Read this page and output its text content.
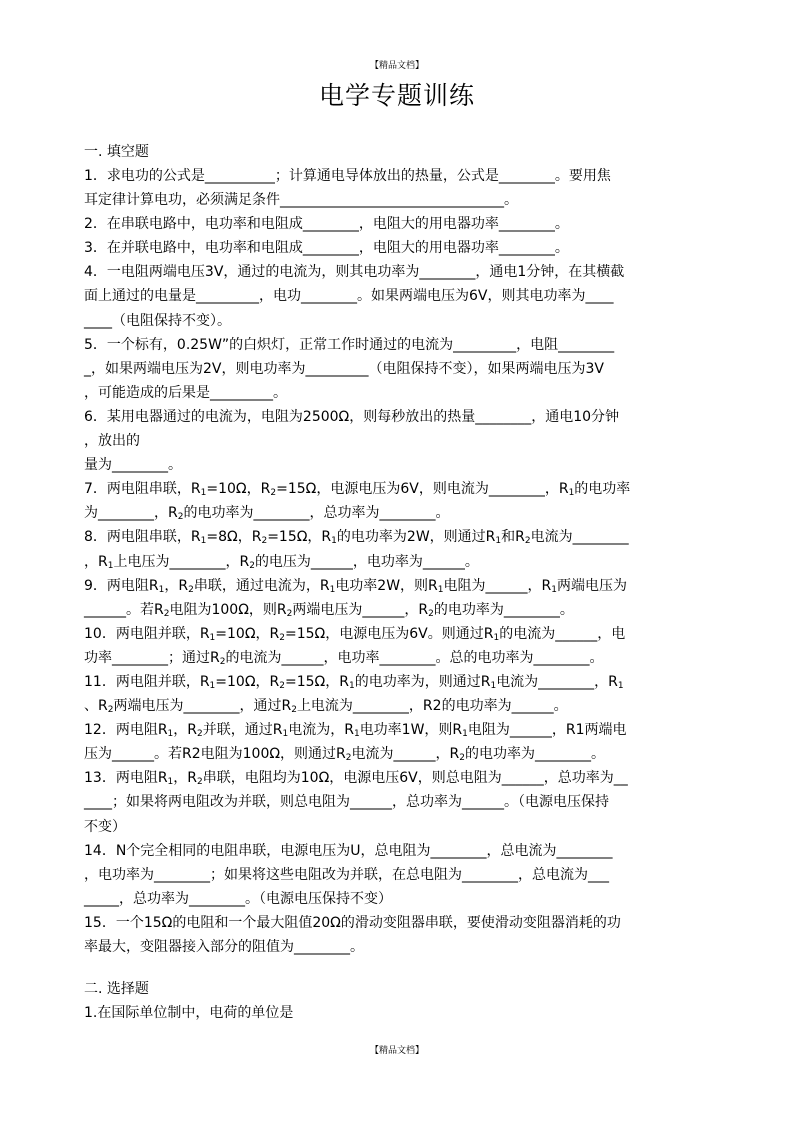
【精品文档】
电学专题训练
一. 填空题
1．求电功的公式是__________；计算通电导体放出的热量，公式是________。要用焦
耳定律计算电功，必须满足条件________________________________。
2．在串联电路中，电功率和电阻成________，电阻大的用电器功率________。
3．在并联电路中，电功率和电阻成________，电阻大的用电器功率________。
4．一电阻两端电压3V，通过的电流为，则其电功率为________，通电1分钟，在其横截
面上通过的电量是_________，电功________。如果两端电压为6V，则其电功率为____
____（电阻保持不变）。
5．一个标有，0.25W”的白炽灯，正常工作时通过的电流为_________，电阻________
_，如果两端电压为2V，则电功率为_________（电阻保持不变），如果两端电压为3V
，可能造成的后果是_________。
6．某用电器通过的电流为，电阻为2500Ω，则每秒放出的热量________，通电10分钟
，放出的
量为________。
7．两电阻串联，$R_1=10\Omega$，$R_2=15\Omega$，电源电压为6V，则电流为________，$R_1$的电功率
为________，$R_2$的电功率为________，总功率为________。
8．两电阻串联，$R_1=8\Omega$，$R_2=15\Omega$，$R_1$的电功率为2W，则通过$R_1$和$R_2$电流为________
，$R_1$上电压为________，$R_2$的电压为______，电功率为______。
9．两电阻$R_1$，$R_2$串联，通过电流为，$R_1$电功率2W，则$R_1$电阻为______，$R_1$两端电压为
______。若$R_2$电阻为100Ω，则$R_2$两端电压为______，$R_2$的电功率为________。
10．两电阻并联，$R_1=10\Omega$，$R_2=15\Omega$，电源电压为6V。则通过$R_1$的电流为______，电
功率________；通过$R_2$的电流为______，电功率________。总的电功率为________。
11．两电阻并联，$R_1=10\Omega$，$R_2=15\Omega$，$R_1$的电功率为，则通过$R_1$电流为________，$R_1$
、$R_2$两端电压为________，通过$R_2$上电流为________，R2的电功率为______。
12．两电阻$R_1$，$R_2$并联，通过$R_1$电流为，$R_1$电功率1W，则$R_1$电阻为______，R1两端电
压为______。若R2电阻为100Ω，则通过$R_2$电流为______，$R_2$的电功率为________。
13．两电阻$R_1$，$R_2$串联，电阻均为10Ω，电源电压6V，则总电阻为______，总功率为__
____；如果将两电阻改为并联，则总电阻为______，总功率为______。（电源电压保持
不变）
14．N个完全相同的电阻串联，电源电压为U，总电阻为________，总电流为________
，电功率为________；如果将这些电阻改为并联，在总电阻为________，总电流为___
_____，总功率为________。（电源电压保持不变）
15．一个15Ω的电阻和一个最大阻值20Ω的滑动变阻器串联，要使滑动变阻器消耗的功
率最大，变阻器接入部分的阻值为________。
二. 选择题
1.在国际单位制中，电荷的单位是
【精品文档】
